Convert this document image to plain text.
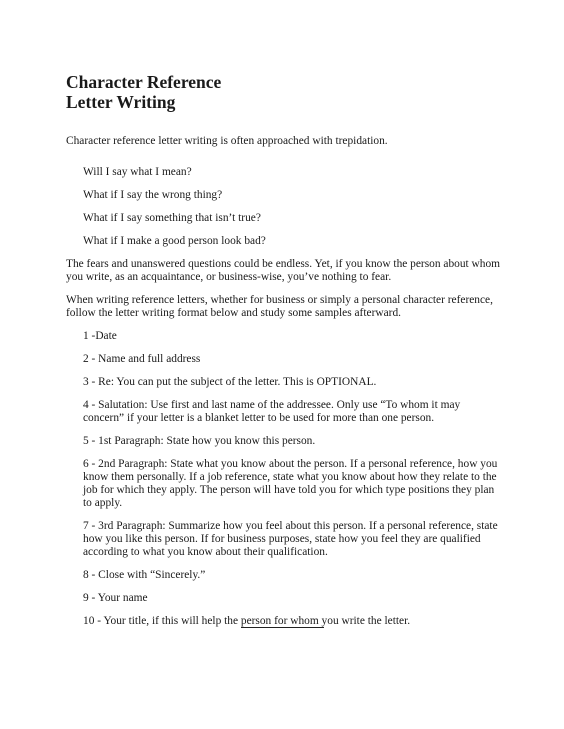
Character Reference
Letter Writing

Character reference letter writing is often approached with trepidation.

Will I say what I mean?
What if I say the wrong thing?
What if I say something that isn’t true?
What if I make a good person look bad?

The fears and unanswered questions could be endless. Yet, if you know the person about whom you write, as an acquaintance, or business-wise, you’ve nothing to fear.

When writing reference letters, whether for business or simply a personal character reference, follow the letter writing format below and study some samples afterward.

1 -Date
2 - Name and full address
3 - Re: You can put the subject of the letter. This is OPTIONAL.
4 - Salutation: Use first and last name of the addressee. Only use “To whom it may concern” if your letter is a blanket letter to be used for more than one person.
5 - 1st Paragraph: State how you know this person.
6 - 2nd Paragraph: State what you know about the person. If a personal reference, how you know them personally. If a job reference, state what you know about how they relate to the job for which they apply. The person will have told you for which type positions they plan to apply.
7 - 3rd Paragraph: Summarize how you feel about this person. If a personal reference, state how you like this person. If for business purposes, state how you feel they are qualified according to what you know about their qualification.
8 - Close with “Sincerely.”
9 - Your name
10 - Your title, if this will help the person for whom you write the letter.
